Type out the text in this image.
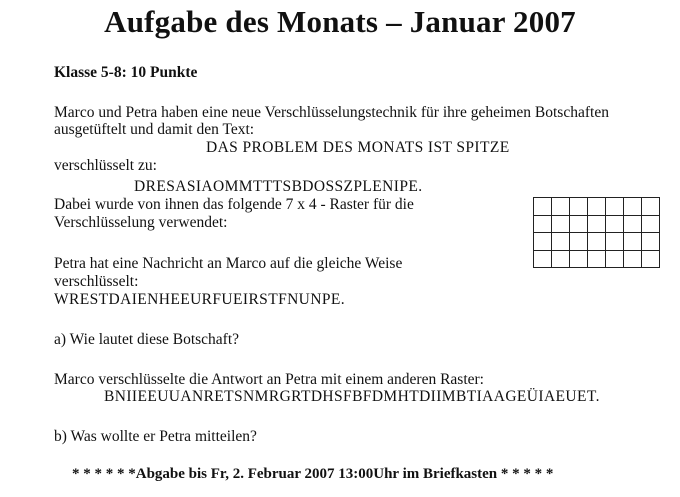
Aufgabe des Monats – Januar 2007
Klasse 5-8: 10 Punkte
Marco und Petra haben eine neue Verschlüsselungstechnik für ihre geheimen Botschaften
ausgetüftelt und damit den Text:
DAS PROBLEM DES MONATS IST SPITZE
verschlüsselt zu:
DRESASIAOMMTTTSBDOSSZPLENIPE.
Dabei wurde von ihnen das folgende 7 x 4 - Raster für die
Verschlüsselung verwendet:
Petra hat eine Nachricht an Marco auf die gleiche Weise
verschlüsselt:
WRESTDAIENHEEURFUEIRSTFNUNPE.
a) Wie lautet diese Botschaft?
Marco verschlüsselte die Antwort an Petra mit einem anderen Raster:
BNIIEEUUANRETSNMRGRTDHSFBFDMHTDIIMBTIAAGEÜIAEUET.
b) Was wollte er Petra mitteilen?
* * * * * *Abgabe bis Fr, 2. Februar 2007 13:00Uhr im Briefkasten * * * * *
